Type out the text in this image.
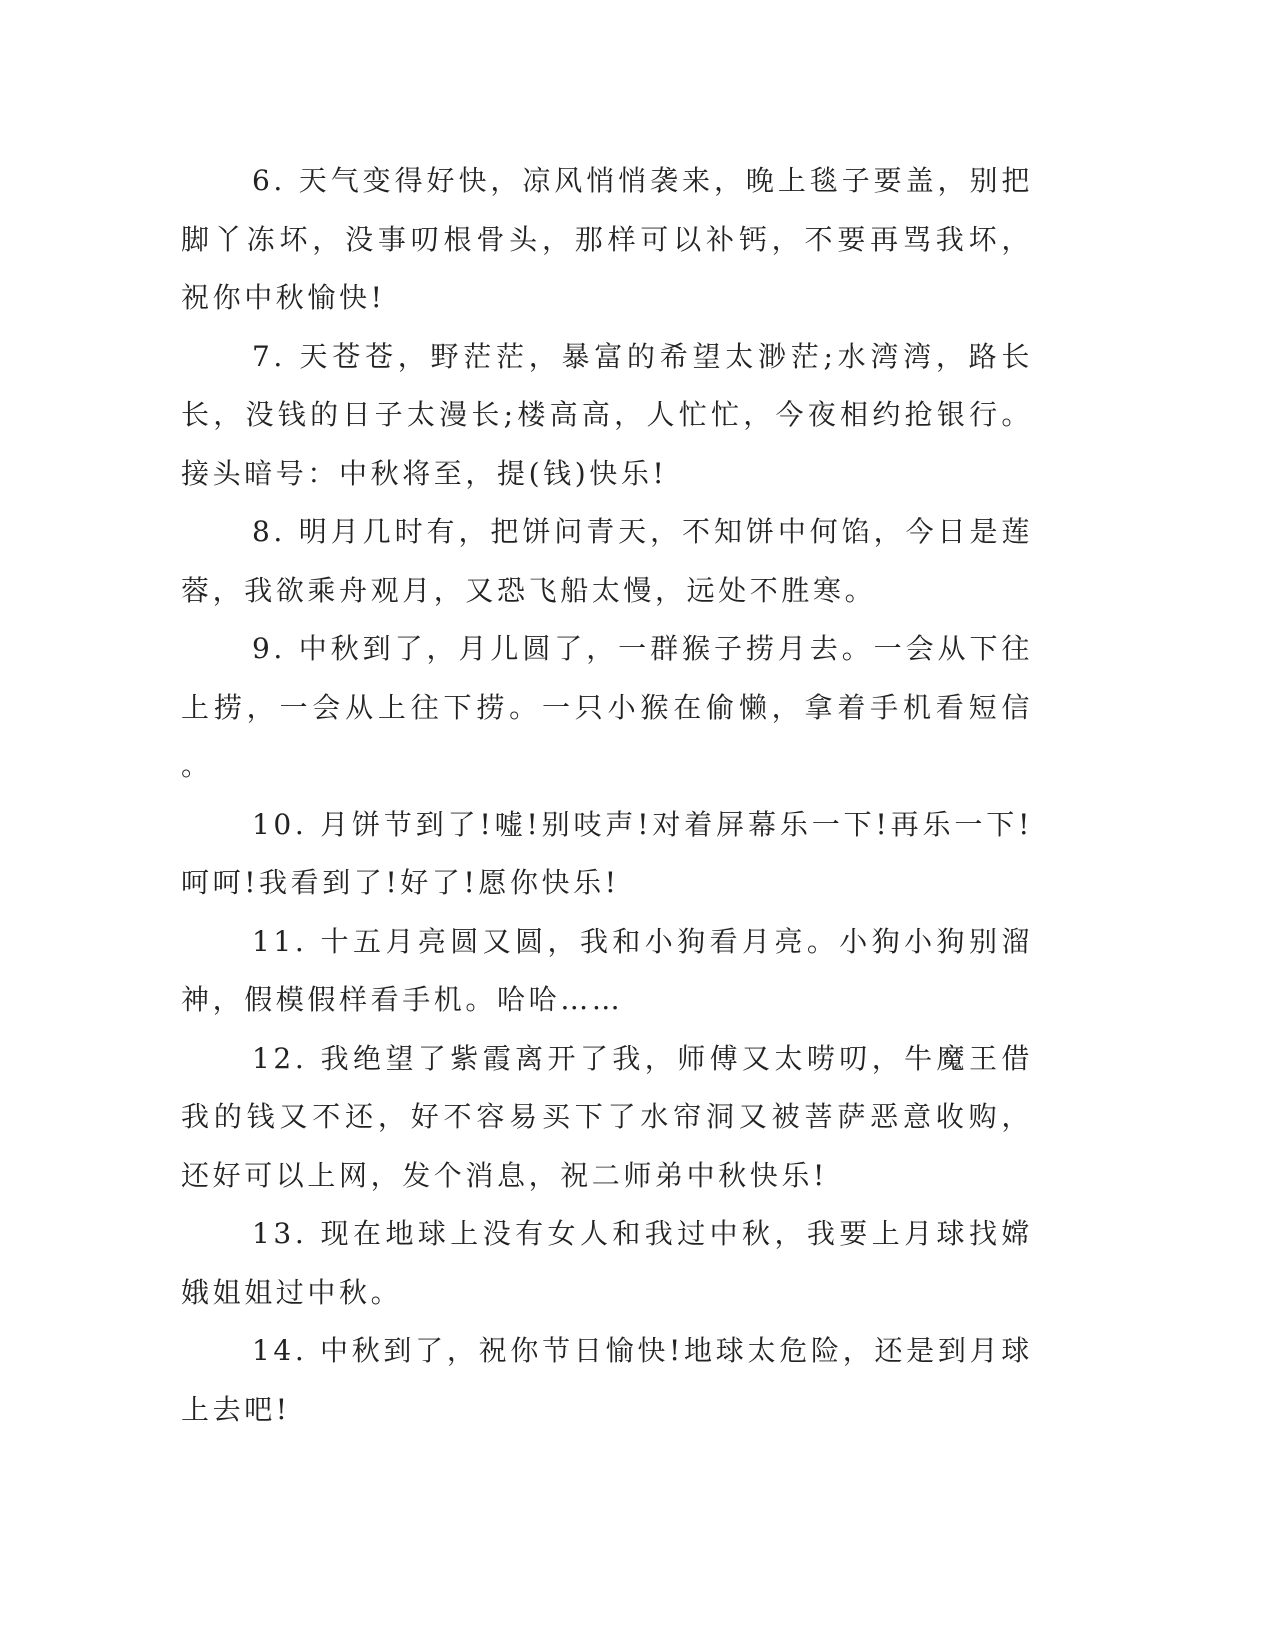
6. 天气变得好快，凉风悄悄袭来，晚上毯子要盖，别把脚丫冻坏，没事叨根骨头，那样可以补钙，不要再骂我坏，祝你中秋愉快!

7. 天苍苍，野茫茫，暴富的希望太渺茫;水湾湾，路长长，没钱的日子太漫长;楼高高，人忙忙，今夜相约抢银行。接头暗号：中秋将至，提(钱)快乐!

8. 明月几时有，把饼问青天，不知饼中何馅，今日是莲蓉，我欲乘舟观月，又恐飞船太慢，远处不胜寒。

9. 中秋到了，月儿圆了，一群猴子捞月去。一会从下往上捞，一会从上往下捞。一只小猴在偷懒，拿着手机看短信。

10. 月饼节到了!嘘!别吱声!对着屏幕乐一下!再乐一下!呵呵!我看到了!好了!愿你快乐!

11. 十五月亮圆又圆，我和小狗看月亮。小狗小狗别溜神，假模假样看手机。哈哈……

12. 我绝望了紫霞离开了我，师傅又太唠叨，牛魔王借我的钱又不还，好不容易买下了水帘洞又被菩萨恶意收购，还好可以上网，发个消息，祝二师弟中秋快乐!

13. 现在地球上没有女人和我过中秋，我要上月球找嫦娥姐姐过中秋。

14. 中秋到了，祝你节日愉快!地球太危险，还是到月球上去吧!
